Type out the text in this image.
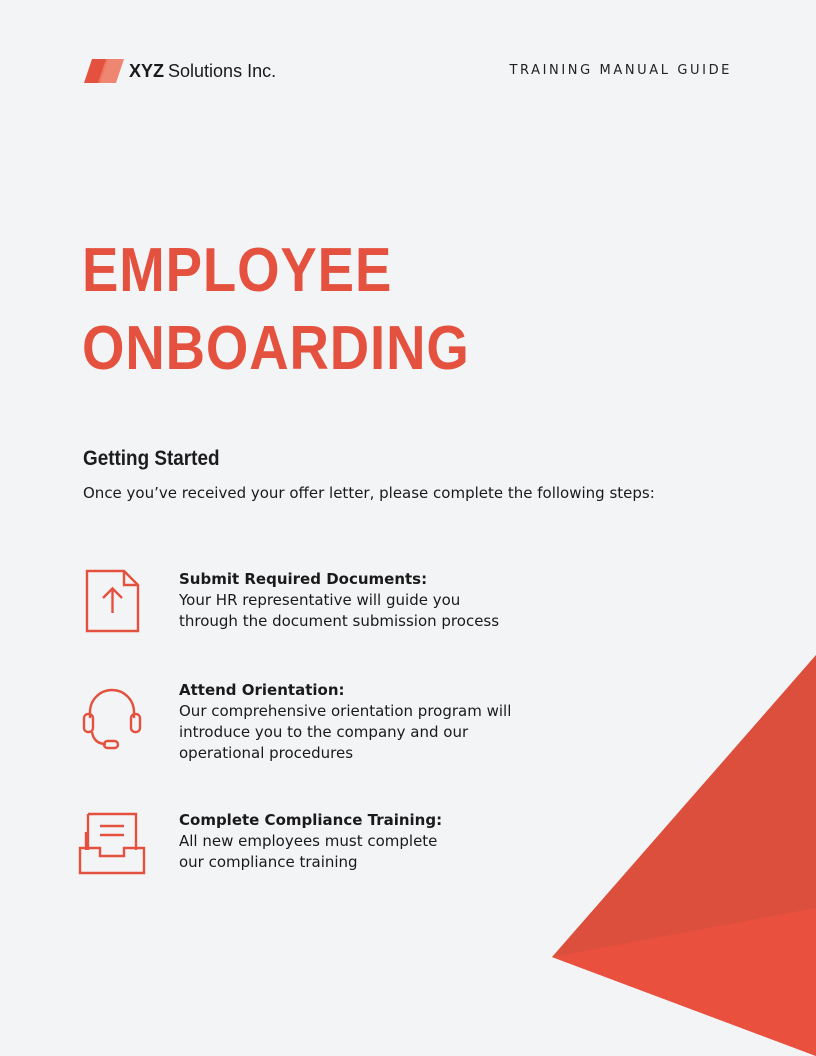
XYZ Solutions Inc.	TRAINING MANUAL GUIDE
EMPLOYEE
ONBOARDING
Getting Started
Once you’ve received your offer letter, please complete the following steps:
Submit Required Documents:
Your HR representative will guide you
through the document submission process
Attend Orientation:
Our comprehensive orientation program will
introduce you to the company and our
operational procedures
Complete Compliance Training:
All new employees must complete
our compliance training
